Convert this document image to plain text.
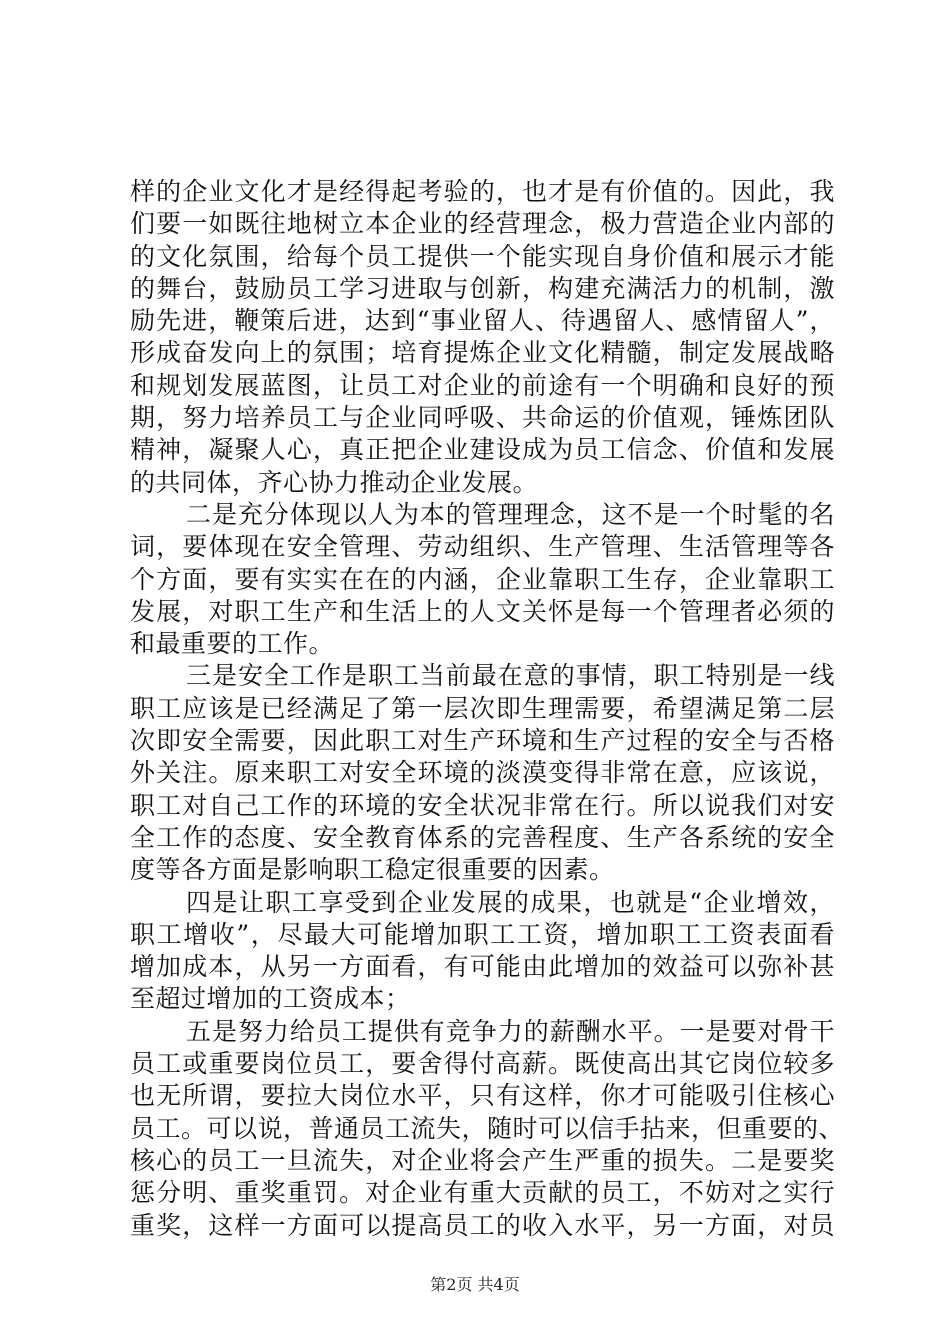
样的企业文化才是经得起考验的，也才是有价值的。因此，我
们要一如既往地树立本企业的经营理念，极力营造企业内部的
的文化氛围，给每个员工提供一个能实现自身价值和展示才能
的舞台，鼓励员工学习进取与创新，构建充满活力的机制，激
励先进，鞭策后进，达到“事业留人、待遇留人、感情留人”，
形成奋发向上的氛围；培育提炼企业文化精髓，制定发展战略
和规划发展蓝图，让员工对企业的前途有一个明确和良好的预
期，努力培养员工与企业同呼吸、共命运的价值观，锤炼团队
精神，凝聚人心，真正把企业建设成为员工信念、价值和发展
的共同体，齐心协力推动企业发展。
二是充分体现以人为本的管理理念，这不是一个时髦的名
词，要体现在安全管理、劳动组织、生产管理、生活管理等各
个方面，要有实实在在的内涵，企业靠职工生存，企业靠职工
发展，对职工生产和生活上的人文关怀是每一个管理者必须的
和最重要的工作。
三是安全工作是职工当前最在意的事情，职工特别是一线
职工应该是已经满足了第一层次即生理需要，希望满足第二层
次即安全需要，因此职工对生产环境和生产过程的安全与否格
外关注。原来职工对安全环境的淡漠变得非常在意，应该说，
职工对自己工作的环境的安全状况非常在行。所以说我们对安
全工作的态度、安全教育体系的完善程度、生产各系统的安全
度等各方面是影响职工稳定很重要的因素。
四是让职工享受到企业发展的成果，也就是“企业增效，
职工增收”，尽最大可能增加职工工资，增加职工工资表面看
增加成本，从另一方面看，有可能由此增加的效益可以弥补甚
至超过增加的工资成本；
五是努力给员工提供有竞争力的薪酬水平。一是要对骨干
员工或重要岗位员工，要舍得付高薪。既使高出其它岗位较多
也无所谓，要拉大岗位水平，只有这样，你才可能吸引住核心
员工。可以说，普通员工流失，随时可以信手拈来，但重要的、
核心的员工一旦流失，对企业将会产生严重的损失。二是要奖
惩分明、重奖重罚。对企业有重大贡献的员工，不妨对之实行
重奖，这样一方面可以提高员工的收入水平，另一方面，对员
第2页 共4页
